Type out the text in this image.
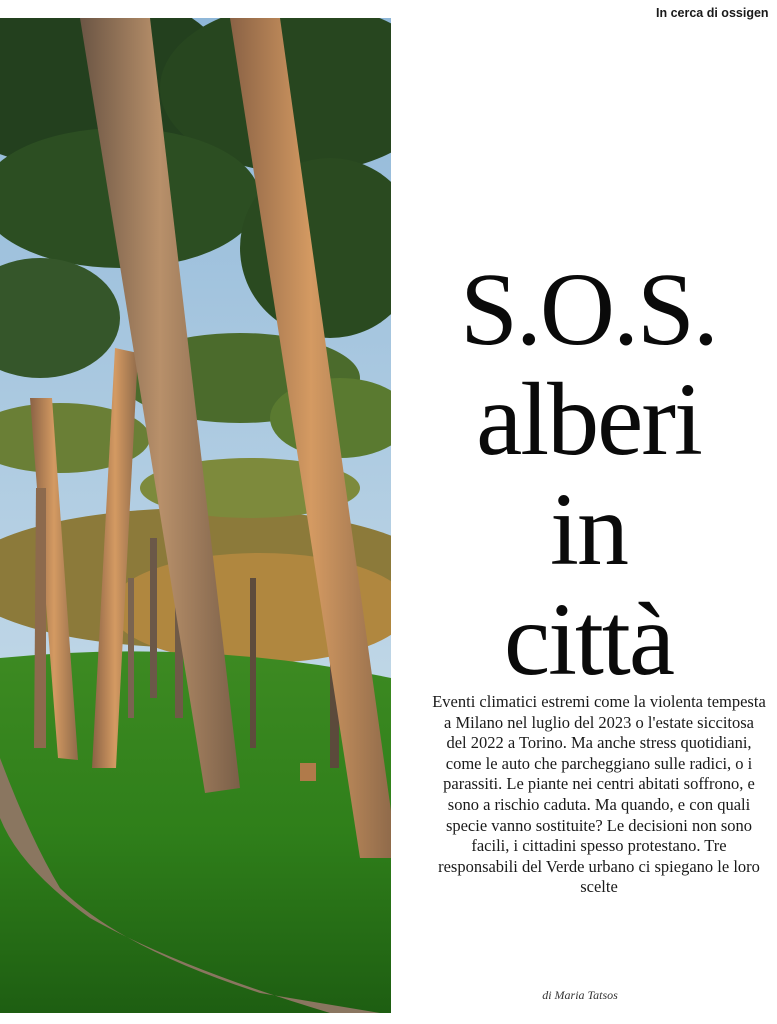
In cerca di ossigen
S.O.S.
alberi
in
città

Eventi climatici estremi come la violenta tempesta a Milano nel luglio del 2023 o l'estate siccitosa del 2022 a Torino. Ma anche stress quotidiani, come le auto che parcheggiano sulle radici, o i parassiti. Le piante nei centri abitati soffrono, e sono a rischio caduta. Ma quando, e con quali specie vanno sostituite? Le decisioni non sono facili, i cittadini spesso protestano. Tre responsabili del Verde urbano ci spiegano le loro scelte

di Maria Tatsos
